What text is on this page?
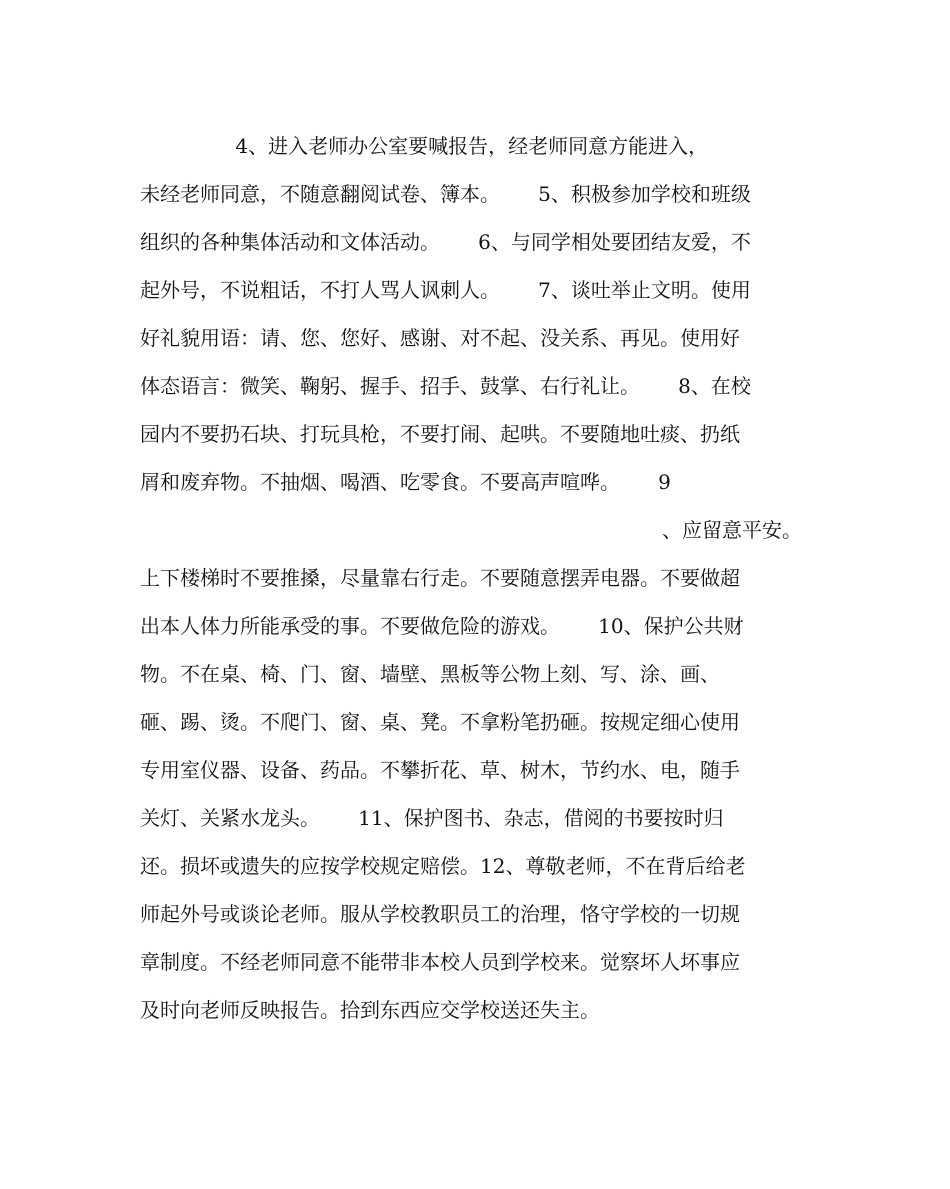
4、进入老师办公室要喊报告，经老师同意方能进入，
未经老师同意，不随意翻阅试卷、簿本。      5、积极参加学校和班级
组织的各种集体活动和文体活动。      6、与同学相处要团结友爱，不
起外号，不说粗话，不打人骂人讽刺人。      7、谈吐举止文明。使用
好礼貌用语：请、您、您好、感谢、对不起、没关系、再见。使用好
体态语言：微笑、鞠躬、握手、招手、鼓掌、右行礼让。      8、在校
园内不要扔石块、打玩具枪，不要打闹、起哄。不要随地吐痰、扔纸
屑和废弃物。不抽烟、喝酒、吃零食。不要高声喧哗。      9
、应留意平安。
上下楼梯时不要推搡，尽量靠右行走。不要随意摆弄电器。不要做超
出本人体力所能承受的事。不要做危险的游戏。      10、保护公共财
物。不在桌、椅、门、窗、墙壁、黑板等公物上刻、写、涂、画、
砸、踢、烫。不爬门、窗、桌、凳。不拿粉笔扔砸。按规定细心使用
专用室仪器、设备、药品。不攀折花、草、树木，节约水、电，随手
关灯、关紧水龙头。      11、保护图书、杂志，借阅的书要按时归
还。损坏或遗失的应按学校规定赔偿。12、尊敬老师，不在背后给老
师起外号或谈论老师。服从学校教职员工的治理，恪守学校的一切规
章制度。不经老师同意不能带非本校人员到学校来。觉察坏人坏事应
及时向老师反映报告。拾到东西应交学校送还失主。
